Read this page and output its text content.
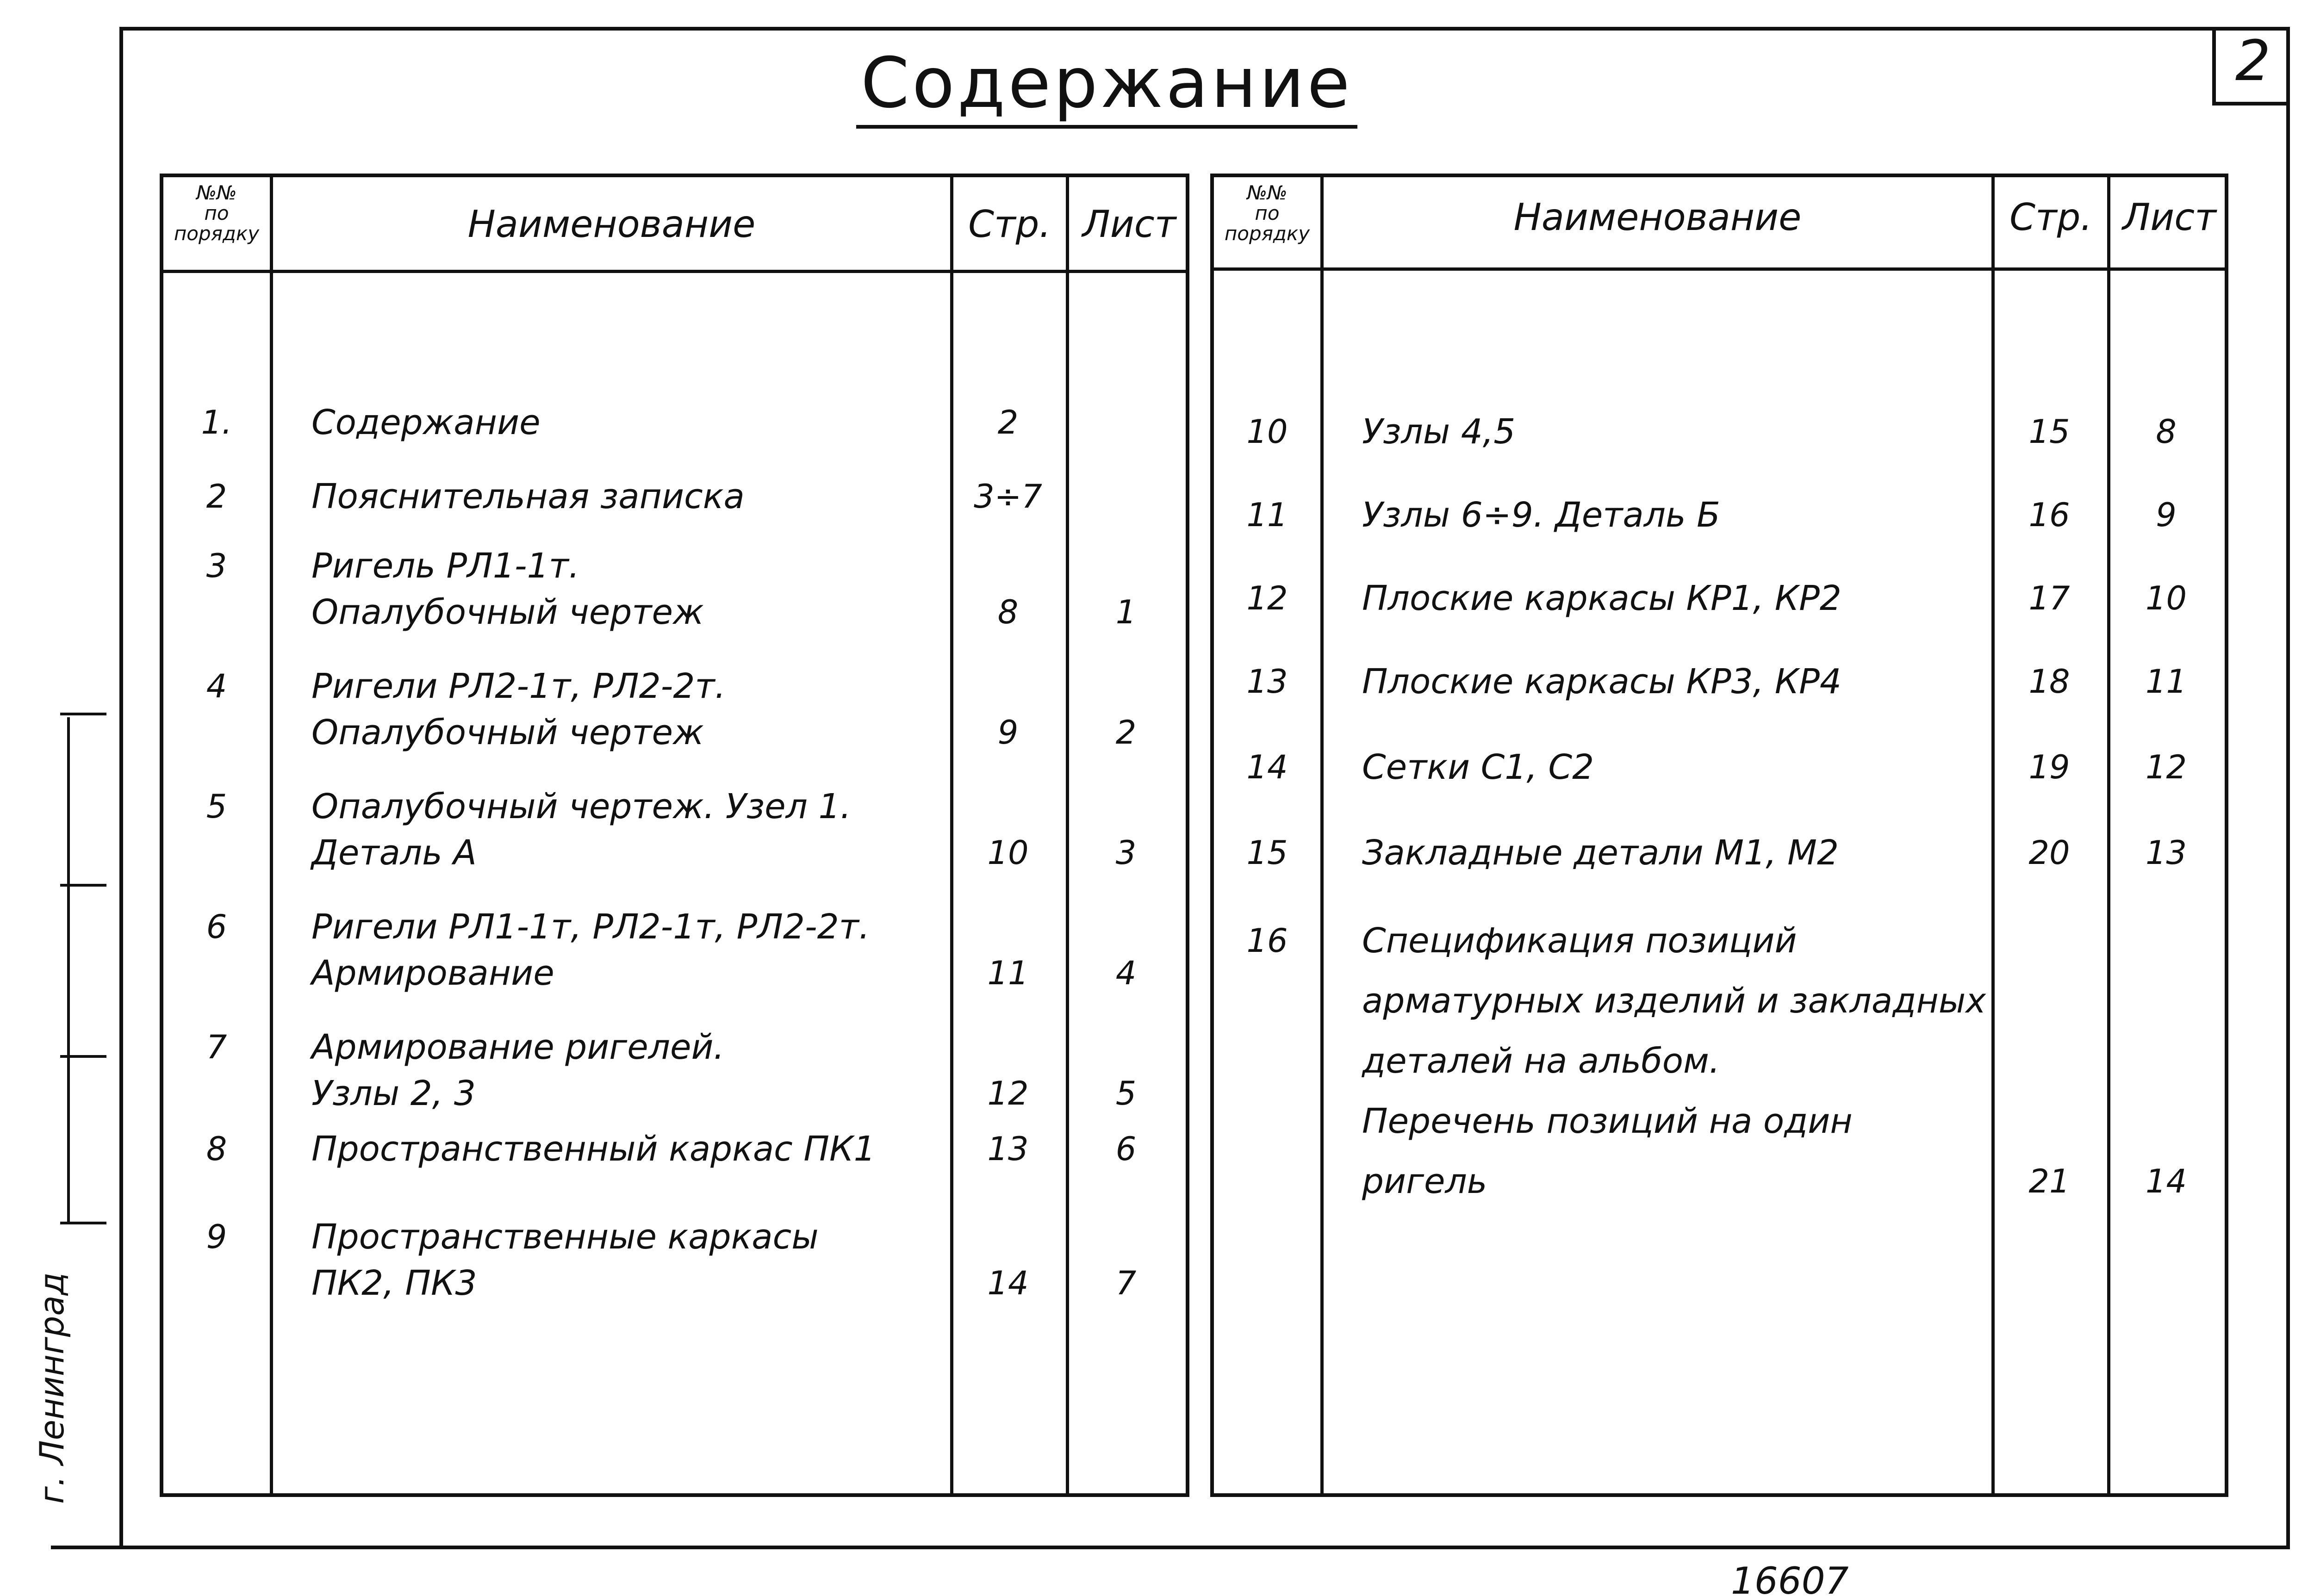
2
Содержание
г. Ленинград
16607
№№
по
порядку	Наименование	Стр. Лист
1.	Содержание	2
2	Пояснительная записка	3÷7
3	Ригель РЛ1-1т.
Опалубочный чертеж	8	1
4	Ригели РЛ2-1т, РЛ2-2т.
Опалубочный чертеж	9	2
5	Опалубочный чертеж. Узел 1.
Деталь А	10	3
6	Ригели РЛ1-1т, РЛ2-1т, РЛ2-2т.
Армирование	11	4
7	Армирование ригелей.
Узлы 2, 3	12	5
8	Пространственный каркас ПК1	13	6
9	Пространственные каркасы
ПК2, ПК3	14	7
№№
по
порядку	Наименование	Стр. Лист
10	Узлы 4,5	15	8
11	Узлы 6÷9. Деталь Б	16	9
12	Плоские каркасы КР1, КР2	17	10
13	Плоские каркасы КР3, КР4	18	11
14	Сетки С1, С2	19	12
15	Закладные детали М1, М2	20	13
16	Спецификация позиций
арматурных изделий и закладных
деталей на альбом.
Перечень позиций на один
ригель	21	14
